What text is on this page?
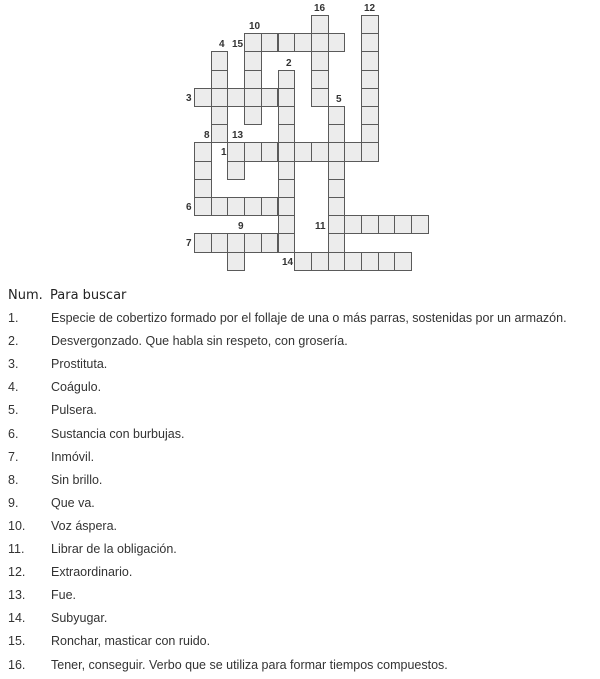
16	12
10
4 15
2
3	5
8 13
1
6
9	11
7
14
Num. Para buscar
1.	Especie de cobertizo formado por el follaje de una o más parras, sostenidas por un armazón.
2.	Desvergonzado. Que habla sin respeto, con grosería.
3.	Prostituta.
4.	Coágulo.
5.	Pulsera.
6.	Sustancia con burbujas.
7.	Inmóvil.
8.	Sin brillo.
9.	Que va.
10. Voz áspera.
11. Librar de la obligación.
12. Extraordinario.
13. Fue.
14. Subyugar.
15. Ronchar, masticar con ruido.
16. Tener, conseguir. Verbo que se utiliza para formar tiempos compuestos.
